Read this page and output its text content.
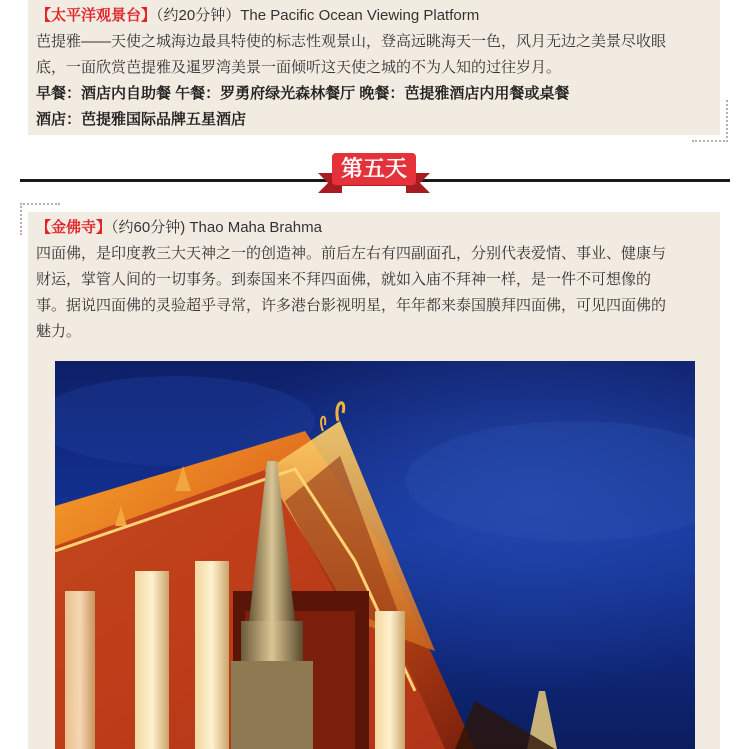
【太平洋观景台】（约20分钟）The Pacific Ocean Viewing Platform

芭提雅——天使之城海边最具特使的标志性观景山，登高远眺海天一色，风月无边之美景尽收眼

底，一面欣赏芭提雅及暹罗湾美景一面倾听这天使之城的不为人知的过往岁月。

早餐：酒店内自助餐 午餐：罗勇府绿光森林餐厅 晚餐：芭提雅酒店内用餐或桌餐

酒店：芭提雅国际品牌五星酒店

第五天

【金佛寺】（约60分钟) Thao Maha Brahma

四面佛，是印度教三大天神之一的创造神。前后左右有四副面孔，分别代表爱情、事业、健康与

财运，掌管人间的一切事务。到泰国来不拜四面佛，就如入庙不拜神一样，是一件不可想像的

事。据说四面佛的灵验超乎寻常，许多港台影视明星，年年都来泰国膜拜四面佛，可见四面佛的

魅力。
